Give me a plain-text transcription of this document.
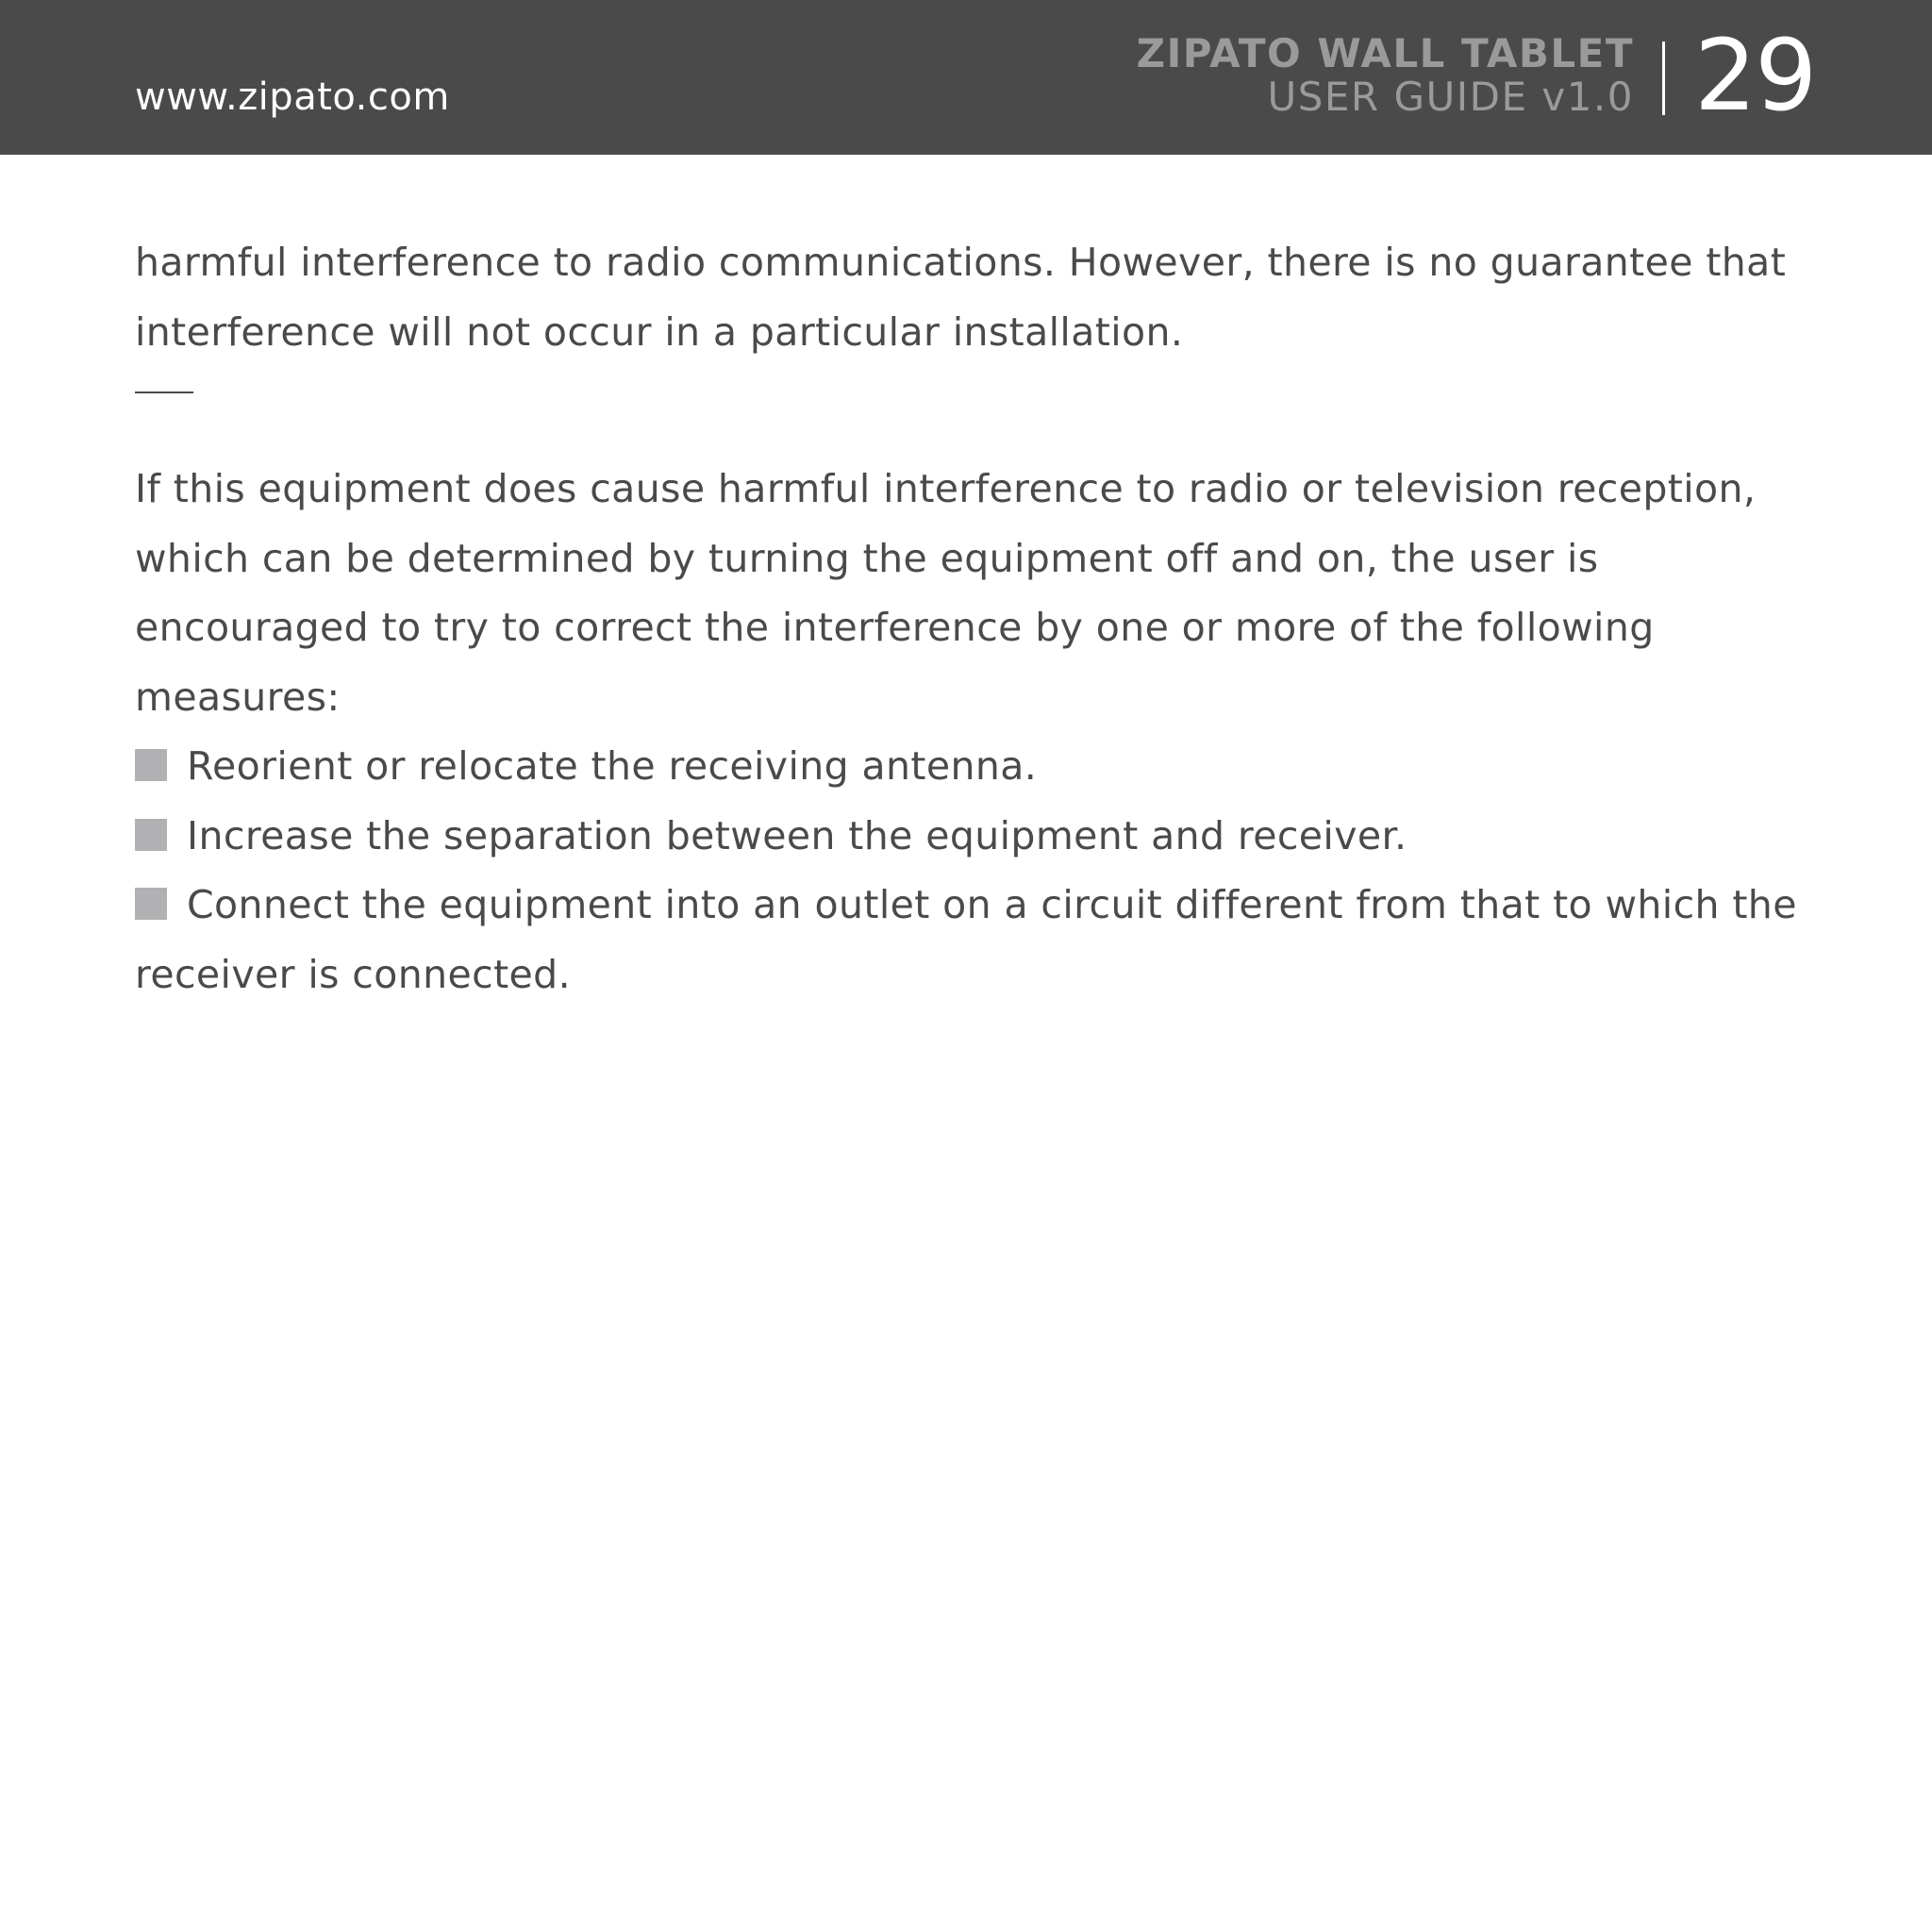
www.zipato.com
ZIPATO WALL TABLET
USER GUIDE v1.0 29

harmful interference to radio communications. However, there is no guarantee that interference will not occur in a particular installation.

If this equipment does cause harmful interference to radio or television reception, which can be determined by turning the equipment off and on, the user is encouraged to try to correct the interference by one or more of the following measures:

Reorient or relocate the receiving antenna.

Increase the separation between the equipment and receiver.

Connect the equipment into an outlet on a circuit different from that to which the receiver is connected.
